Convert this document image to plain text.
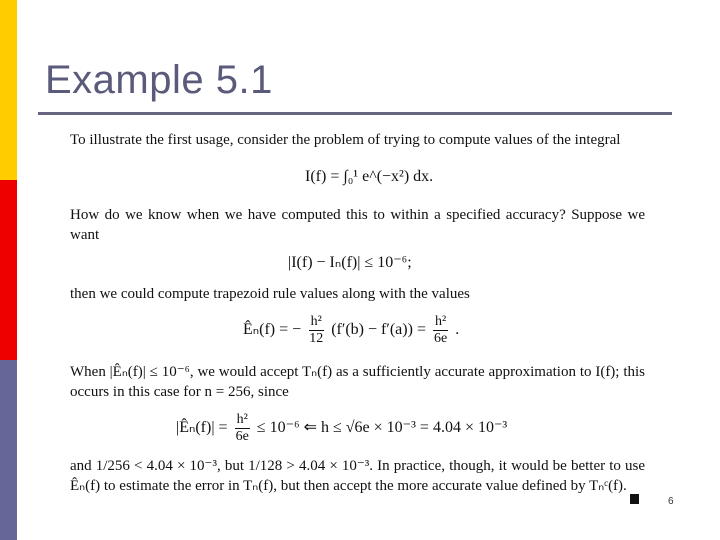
Example 5.1
To illustrate the first usage, consider the problem of trying to compute values of the integral
I(f) = ∫₀¹ e^(−x²) dx.
How do we know when we have computed this to within a specified accuracy? Suppose we want
|I(f) − Iₙ(f)| ≤ 10⁻⁶;
then we could compute trapezoid rule values along with the values
Êₙ(f) = − $\frac{\text{h²}}{12} (f'(b) - f'(a)) = \frac{\text{h²}}{6e}$ .
When |Êₙ(f)| ≤ 10⁻⁶, we would accept Tₙ(f) as a sufficiently accurate approximation to I(f); this occurs in this case for n = 256, since
|Êₙ(f)| = $\frac{\text{h²}}{6e} \le 10^{-6}$ ⇐ h ≤ √6e × 10⁻³ = 4.04 × 10⁻³
and 1/256 < 4.04 × 10⁻³, but 1/128 > 4.04 × 10⁻³. In practice, though, it would be better to use Êₙ(f) to estimate the error in Tₙ(f), but then accept the more accurate value defined by Tₙᶜ(f).
6
